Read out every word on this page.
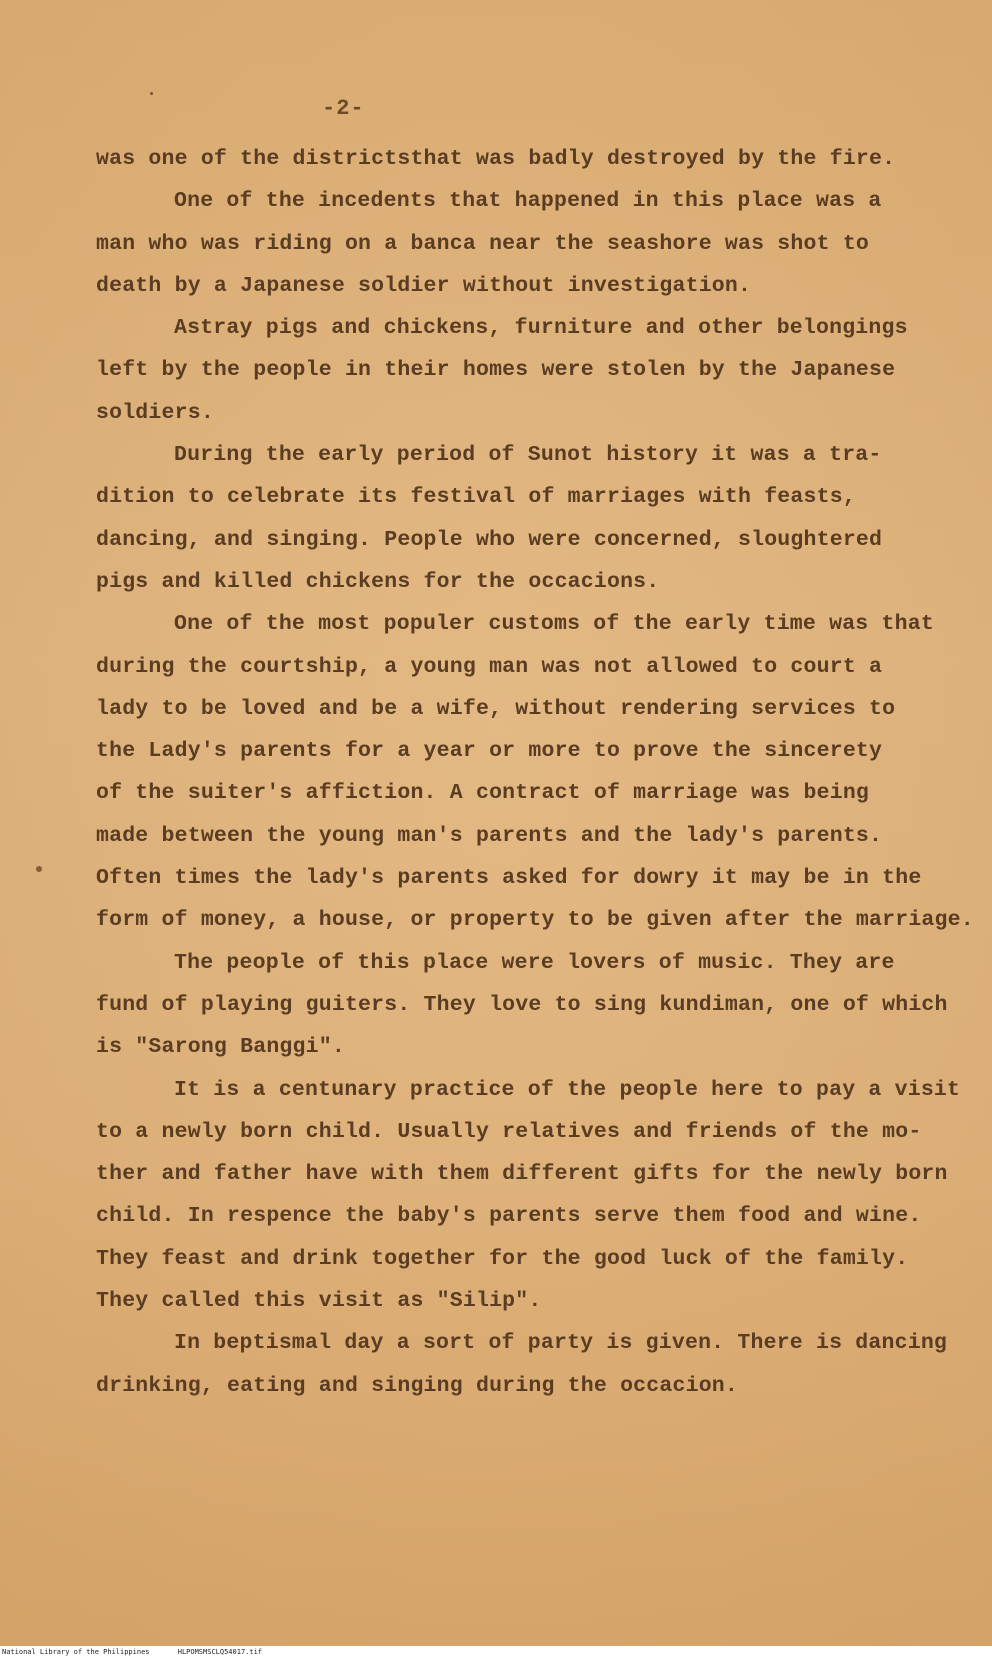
-2-
was one of the districtsthat was badly destroyed by the fire.
One of the incedents that happened in this place was a
man who was riding on a banca near the seashore was shot to
death by a Japanese soldier without investigation.
Astray pigs and chickens, furniture and other belongings
left by the people in their homes were stolen by the Japanese
soldiers.
During the early period of Sunot history it was a tra-
dition to celebrate its festival of marriages with feasts,
dancing, and singing. People who were concerned, sloughtered
pigs and killed chickens for the occacions.
One of the most populer customs of the early time was that
during the courtship, a young man was not allowed to court a
lady to be loved and be a wife, without rendering services to
the Lady's parents for a year or more to prove the sincerety
of the suiter's affiction. A contract of marriage was being
made between the young man's parents and the lady's parents.
Often times the lady's parents asked for dowry it may be in the
form of money, a house, or property to be given after the marriage.
The people of this place were lovers of music. They are
fund of playing guiters. They love to sing kundiman, one of which
is "Sarong Banggi".
It is a centunary practice of the people here to pay a visit
to a newly born child. Usually relatives and friends of the mo-
ther and father have with them different gifts for the newly born
child. In respence the baby's parents serve them food and wine.
They feast and drink together for the good luck of the family.
They called this visit as "Silip".
In beptismal day a sort of party is given. There is dancing
drinking, eating and singing during the occacion.
National Library of the Philippines	HLPOMSMSCLQ54017.tif
